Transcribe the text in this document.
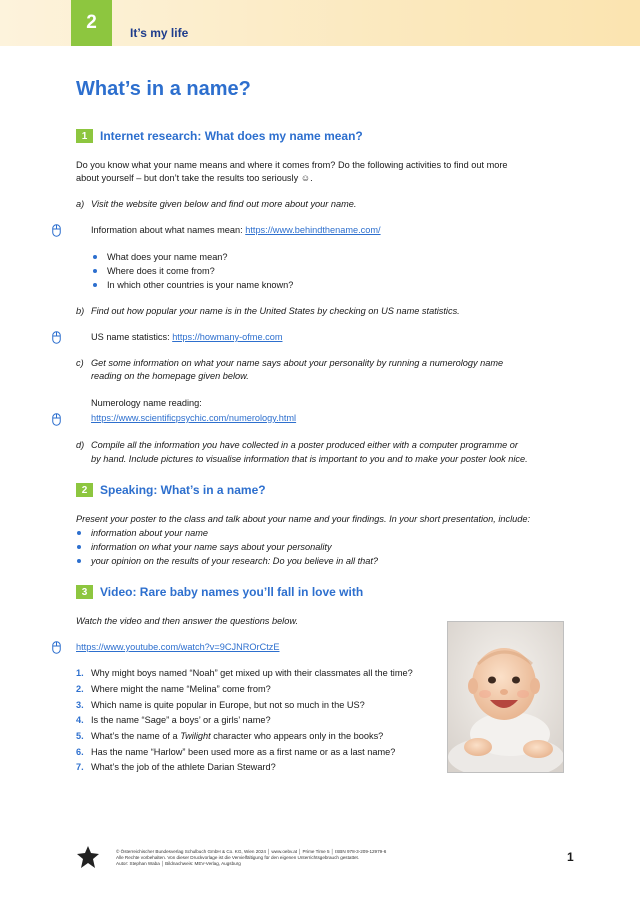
2	It’s my life
What’s in a name?
1	Internet research: What does my name mean?
Do you know what your name means and where it comes from? Do the following activities to find out more
about yourself – but don’t take the results too seriously ☺.
a) Visit the website given below and find out more about your name.
Information about what names mean: https://www.behindthename.com/
What does your name mean?
Where does it come from?
In which other countries is your name known?
b) Find out how popular your name is in the United States by checking on US name statistics.
US name statistics: https://howmany-ofme.com
c) Get some information on what your name says about your personality by running a numerology name
reading on the homepage given below.
Numerology name reading:
https://www.scientificpsychic.com/numerology.html
d) Compile all the information you have collected in a poster produced either with a computer programme or
by hand. Include pictures to visualise information that is important to you and to make your poster look nice.
2	Speaking: What’s in a name?
Present your poster to the class and talk about your name and your findings. In your short presentation, include:
information about your name
information on what your name says about your personality
your opinion on the results of your research: Do you believe in all that?
3	Video: Rare baby names you’ll fall in love with
Watch the video and then answer the questions below.
https://www.youtube.com/watch?v=9CJNROrCtzE
1. Why might boys named “Noah” get mixed up with their classmates all the time?
2. Where might the name “Melina” come from?
3. Which name is quite popular in Europe, but not so much in the US?
4. Is the name “Sage” a boys’ or a girls’ name?
5. What’s the name of a Twilight character who appears only in the books?
6. Has the name “Harlow” been used more as a first name or as a last name?
7. What’s the job of the athlete Darian Steward?
© Österreichischer Bundesverlag Schulbuch GmbH & Co. KG, Wien 2024 │ www.oebv.at │ Prime Time 5 │ ISBN 978-3-209-12979-6
Alle Rechte vorbehalten. Von dieser Druckvorlage ist die Vervielfältigung für den eigenen Unterrichtsgebrauch gestattet.
Autor: Stephan Waba │ Bildnachweis: MEV-Verlag, Augsburg	1
